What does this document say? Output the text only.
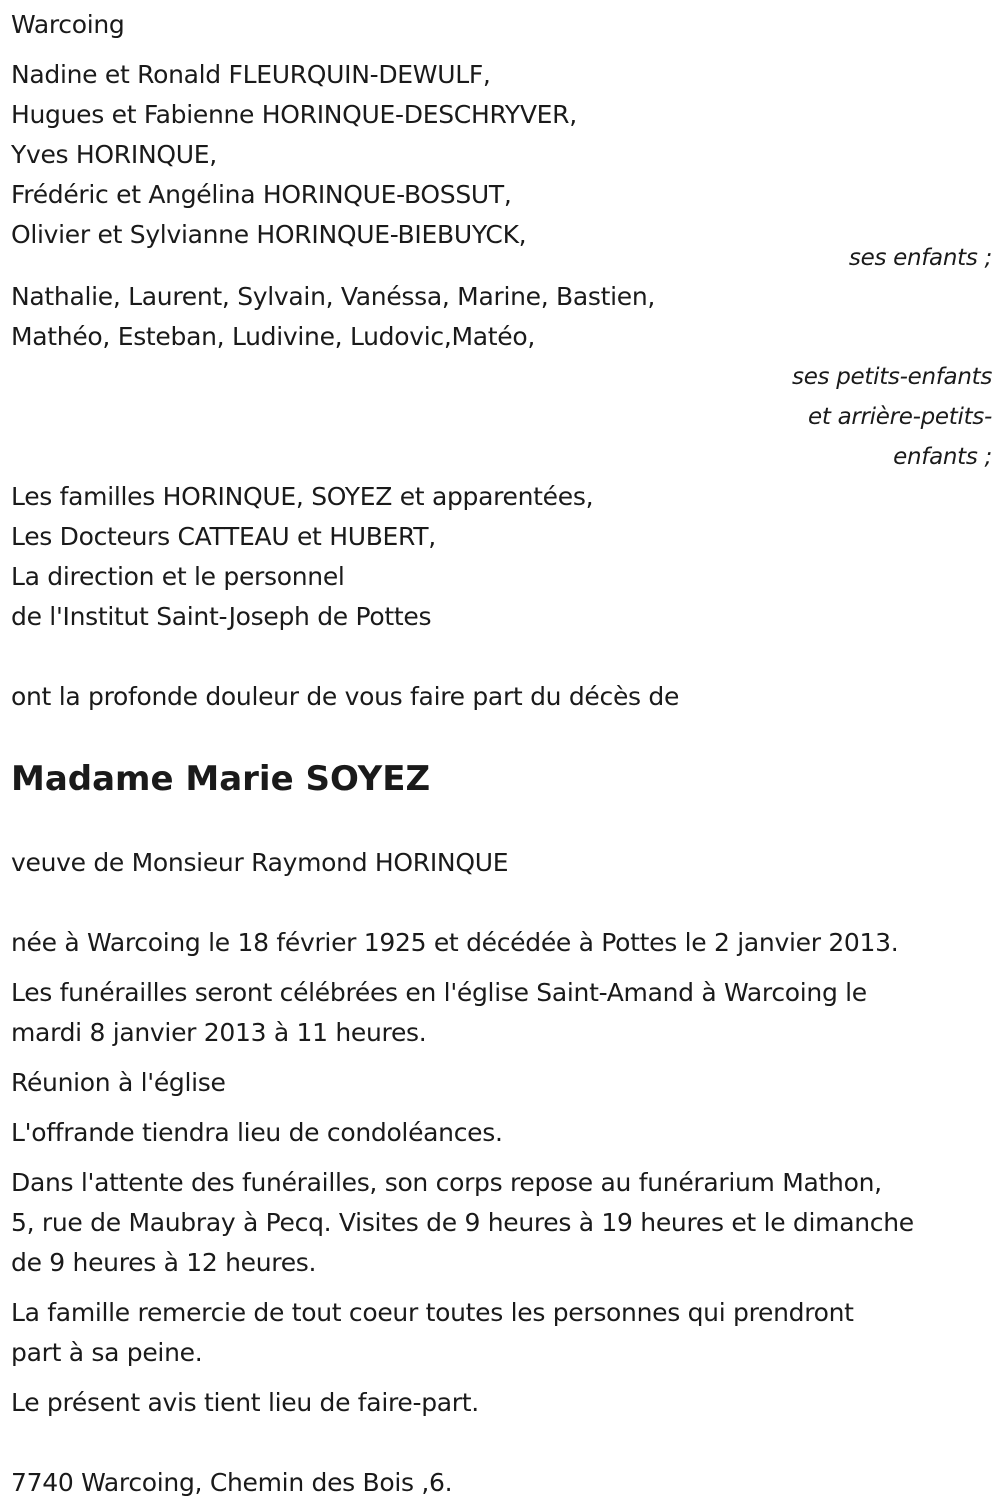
Warcoing
Nadine et Ronald FLEURQUIN-DEWULF,
Hugues et Fabienne HORINQUE-DESCHRYVER,
Yves HORINQUE,
Frédéric et Angélina HORINQUE-BOSSUT,
Olivier et Sylvianne HORINQUE-BIEBUYCK,
ses enfants ;
Nathalie, Laurent, Sylvain, Vanéssa, Marine, Bastien,
Mathéo, Esteban, Ludivine, Ludovic,Matéo,
ses petits-enfants
et arrière-petits-
enfants ;
Les familles HORINQUE, SOYEZ et apparentées,
Les Docteurs CATTEAU et HUBERT,
La direction et le personnel
de l'Institut Saint-Joseph de Pottes
ont la profonde douleur de vous faire part du décès de
Madame Marie SOYEZ
veuve de Monsieur Raymond HORINQUE
née à Warcoing le 18 février 1925 et décédée à Pottes le 2 janvier 2013.
Les funérailles seront célébrées en l'église Saint-Amand à Warcoing le
mardi 8 janvier 2013 à 11 heures.
Réunion à l'église
L'offrande tiendra lieu de condoléances.
Dans l'attente des funérailles, son corps repose au funérarium Mathon,
5, rue de Maubray à Pecq. Visites de 9 heures à 19 heures et le dimanche
de 9 heures à 12 heures.
La famille remercie de tout coeur toutes les personnes qui prendront
part à sa peine.
Le présent avis tient lieu de faire-part.
7740 Warcoing, Chemin des Bois ,6.
